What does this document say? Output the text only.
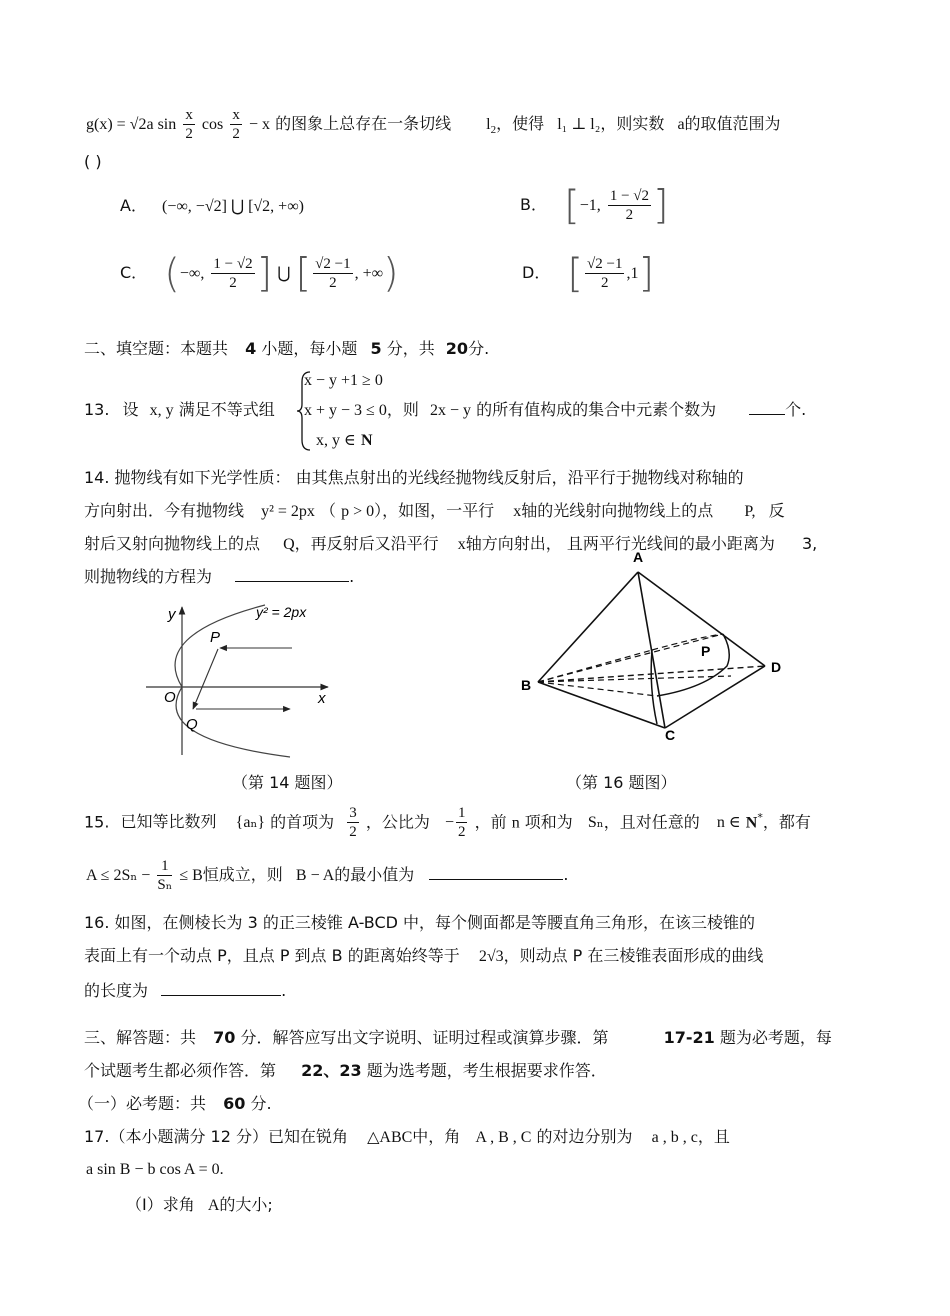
g(x) = √2a $\sin \frac{x}{2}$ $\cos \frac{x}{2} - x$ 的图象上总存在一条切线 $l_2$，使得 l₁ ⊥ l₂，则实数 a的取值范围为
( )
A． (−∞, −√2] ⋃ [√2, +∞)	B． [−1, $\frac{1 - √2}{2}$ ]
C． (−∞, $\frac{1 - √2}{2}$ ] ⋃ [ $\frac{√2 -1}{2}$ , +∞)	D． [ $\frac{√2 -1}{2} ,1$]
二、填空题：本题共 4 小题，每小题 5 分，共 20分.
x − y +1 ≥ 0
13. 设 x, y 满足不等式组 x + y − 3 ≤ 0，则 2x − y 的所有值构成的集合中元素个数为	个.
x, y ∈ N
14. 抛物线有如下光学性质： 由其焦点射出的光线经抛物线反射后，沿平行于抛物线对称轴的
方向射出．今有抛物线 y² = 2px （ p > 0），如图，一平行 x轴的光线射向抛物线上的点 P, 反
射后又射向抛物线上的点 Q，再反射后又沿平行 x轴方向射出， 且两平行光线间的最小距离为 3,
则抛物线的方程为	.
y
x
O
P
Q
y² = 2px
（第 14 题图）
A
B
C
D
P
（第 16 题图）
15. 已知等比数列 {aₙ} 的首项为 $\frac{3}{2}$ ，公比为 − $\frac{1}{2}$ ，前 n 项和为 Sₙ，且对任意的 n ∈ N*，都有
$A \le 2S_n - \frac{1}{\text{Sₙ}} \le B$恒成立，则 B − A的最小值为	.
16. 如图，在侧棱长为 3 的正三棱锥 A-BCD 中，每个侧面都是等腰直角三角形，在该三棱锥的
表面上有一个动点 P，且点 P 到点 B 的距离始终等于 2√3，则动点 P 在三棱锥表面形成的曲线
的长度为	.
三、解答题：共 70 分．解答应写出文字说明、证明过程或演算步骤．第	17-21 题为必考题，每
个试题考生都必须作答．第 22、23 题为选考题，考生根据要求作答．
（一）必考题：共 60 分.
17.（本小题满分 12 分）已知在锐角 △ABC中，角 A , B , C 的对边分别为 a , b , c，且
a sin B − b cos A = 0.
（Ⅰ）求角 A的大小;
